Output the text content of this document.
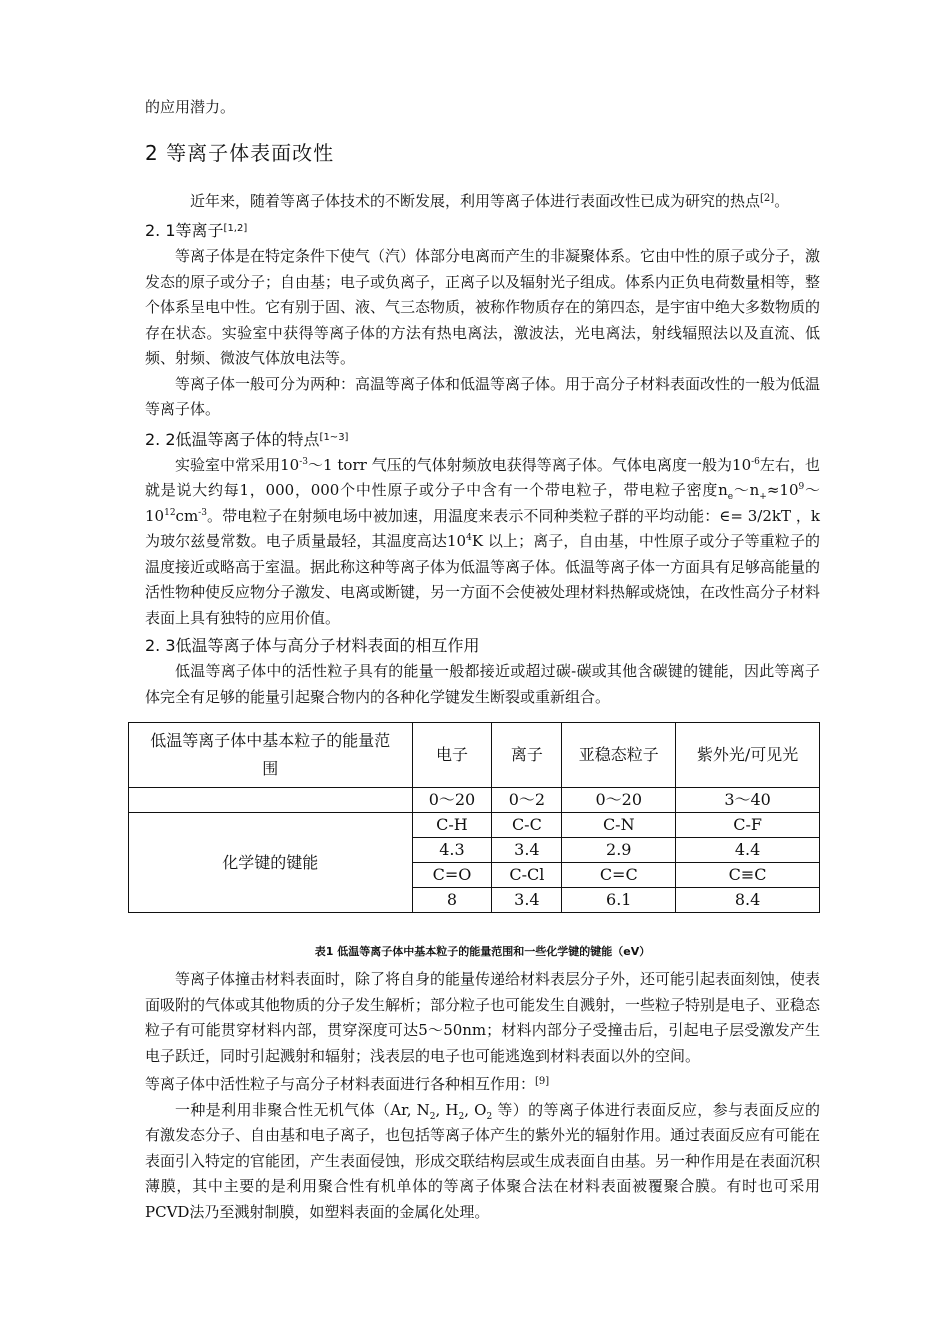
的应用潜力。

2 等离子体表面改性

近年来，随着等离子体技术的不断发展，利用等离子体进行表面改性已成为研究的热点[2]。

2. 1等离子[1,2]

等离子体是在特定条件下使气（汽）体部分电离而产生的非凝聚体系。它由中性的原子或分子，激发态的原子或分子；自由基；电子或负离子，正离子以及辐射光子组成。体系内正负电荷数量相等，整个体系呈电中性。它有别于固、液、气三态物质，被称作物质存在的第四态，是宇宙中绝大多数物质的存在状态。实验室中获得等离子体的方法有热电离法，激波法，光电离法，射线辐照法以及直流、低频、射频、微波气体放电法等。

等离子体一般可分为两种：高温等离子体和低温等离子体。用于高分子材料表面改性的一般为低温等离子体。

2. 2低温等离子体的特点[1~3]

实验室中常采用$10^{-3}\sim 1$ torr 气压的气体射频放电获得等离子体。气体电离度一般为$10^{-6}$左右，也就是说大约每1，000，000个中性原子或分子中含有一个带电粒子，带电粒子密度$n_e\sim n_+\approx 10^9\sim 10^{12}cm^{-3}$。带电粒子在射频电场中被加速，用温度来表示不同种类粒子群的平均动能：∈= 3/2kT ，k 为玻尔兹曼常数。电子质量最轻，其温度高达$10^4K$ 以上；离子，自由基，中性原子或分子等重粒子的温度接近或略高于室温。据此称这种等离子体为低温等离子体。低温等离子体一方面具有足够高能量的活性物种使反应物分子激发、电离或断键，另一方面不会使被处理材料热解或烧蚀，在改性高分子材料表面上具有独特的应用价值。

2. 3低温等离子体与高分子材料表面的相互作用

低温等离子体中的活性粒子具有的能量一般都接近或超过碳-碳或其他含碳键的键能，因此等离子体完全有足够的能量引起聚合物内的各种化学键发生断裂或重新组合。

低温等离子体中基本粒子的能量范围	电子	离子	亚稳态粒子	紫外光/可见光
	0～20	0～2	0～20	3～40
化学键的键能	C-H	C-C	C-N	C-F
	4.3	3.4	2.9	4.4
	C=O	C-Cl	C=C	C≡C
	8	3.4	6.1	8.4
表1 低温等离子体中基本粒子的能量范围和一些化学键的键能（eV）

等离子体撞击材料表面时，除了将自身的能量传递给材料表层分子外，还可能引起表面刻蚀，使表面吸附的气体或其他物质的分子发生解析；部分粒子也可能发生自溅射，一些粒子特别是电子、亚稳态粒子有可能贯穿材料内部，贯穿深度可达5～50nm；材料内部分子受撞击后，引起电子层受激发产生电子跃迁，同时引起溅射和辐射；浅表层的电子也可能逃逸到材料表面以外的空间。

等离子体中活性粒子与高分子材料表面进行各种相互作用：[9]

一种是利用非聚合性无机气体（Ar, $N_2$, $H_2$, $O_2$ 等）的等离子体进行表面反应，参与表面反应的有激发态分子、自由基和电子离子，也包括等离子体产生的紫外光的辐射作用。通过表面反应有可能在表面引入特定的官能团，产生表面侵蚀，形成交联结构层或生成表面自由基。另一种作用是在表面沉积薄膜，其中主要的是利用聚合性有机单体的等离子体聚合法在材料表面被覆聚合膜。有时也可采用PCVD法乃至溅射制膜，如塑料表面的金属化处理。
